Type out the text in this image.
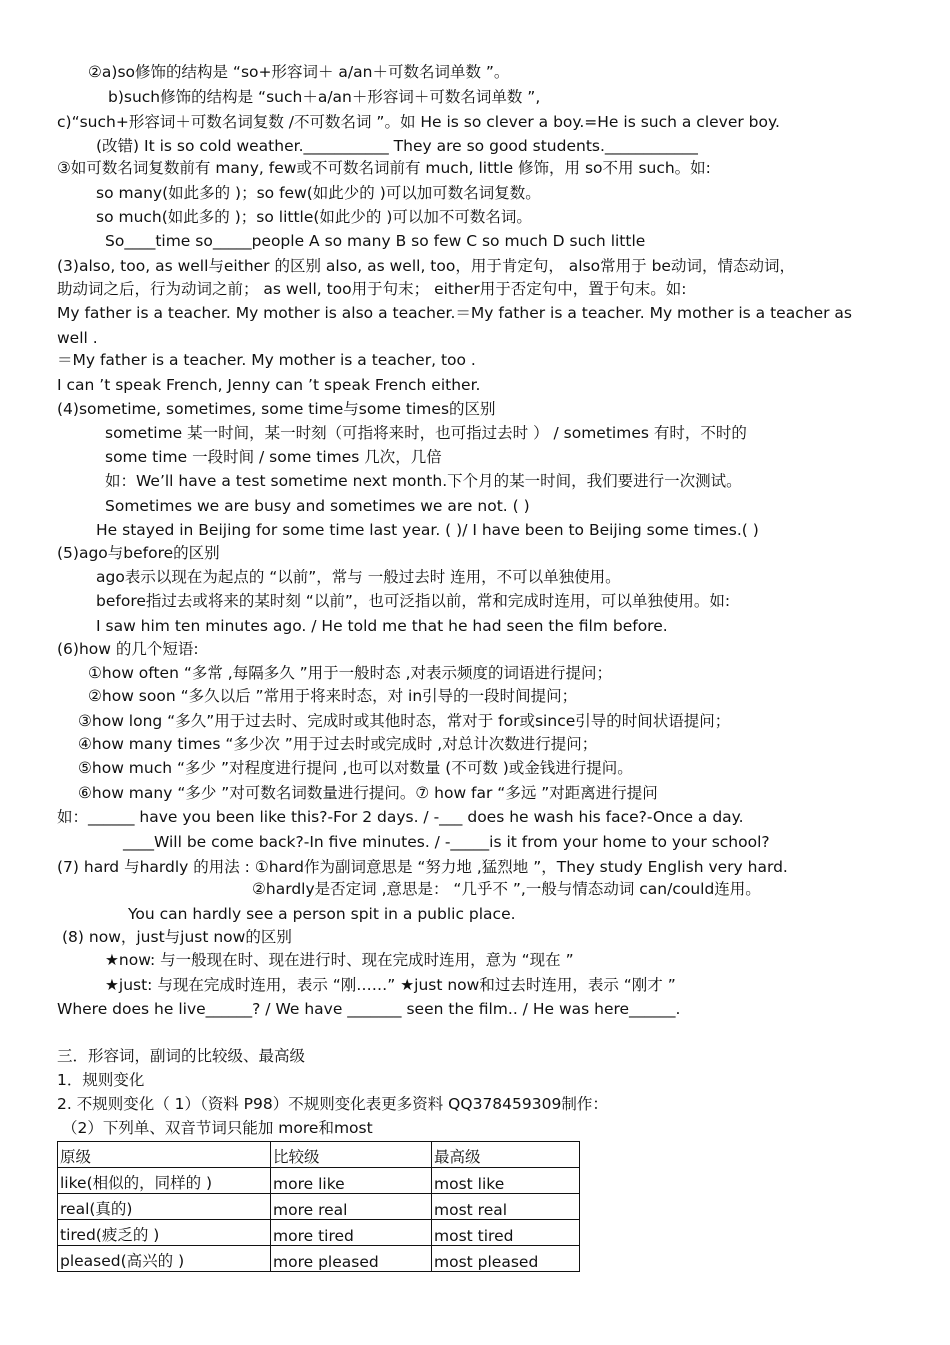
②a)so修饰的结构是 “so+形容词＋ a/an＋可数名词单数 ”。
b)such修饰的结构是 “such＋a/an＋形容词＋可数名词单数 ”,
c)“such+形容词＋可数名词复数 /不可数名词 ”。如 He is so clever a boy.=He is such a clever boy.
(改错) It is so cold weather.___________ They are so good students.____________
③如可数名词复数前有 many, few或不可数名词前有 much, little 修饰，用 so不用 such。如:
so many(如此多的 )；so few(如此少的 )可以加可数名词复数。
so much(如此多的 )；so little(如此少的 )可以加不可数名词。
So____time so_____people A so many B so few C so much D such little
(3)also, too, as well与either 的区别 also, as well, too，用于肯定句， also常用于 be动词，情态动词，
助动词之后，行为动词之前； as well, too用于句末； either用于否定句中，置于句末。如:
My father is a teacher. My mother is also a teacher.＝My father is a teacher. My mother is a teacher as
well .
＝My father is a teacher. My mother is a teacher, too .
I can ’t speak French, Jenny can ’t speak French either.
(4)sometime, sometimes, some time与some times的区别
sometime 某一时间，某一时刻（可指将来时，也可指过去时 ） / sometimes 有时，不时的
some time 一段时间 / some times 几次，几倍
如：We’ll have a test sometime next month.下个月的某一时间，我们要进行一次测试。
Sometimes we are busy and sometimes we are not. ( )
He stayed in Beijing for some time last year. ( )/ I have been to Beijing some times.( )
(5)ago与before的区别
ago表示以现在为起点的 “以前”，常与 一般过去时 连用，不可以单独使用。
before指过去或将来的某时刻 “以前”，也可泛指以前，常和完成时连用，可以单独使用。如:
I saw him ten minutes ago. / He told me that he had seen the film before.
(6)how 的几个短语:
①how often “多常 ,每隔多久 ”用于一般时态 ,对表示频度的词语进行提问；
②how soon “多久以后 ”常用于将来时态，对 in引导的一段时间提问；
③how long “多久”用于过去时、完成时或其他时态，常对于 for或since引导的时间状语提问；
④how many times “多少次 ”用于过去时或完成时 ,对总计次数进行提问；
⑤how much “多少 ”对程度进行提问 ,也可以对数量 (不可数 )或金钱进行提问。
⑥how many “多少 ”对可数名词数量进行提问。⑦ how far “多远 ”对距离进行提问
如：______ have you been like this?-For 2 days. / -___ does he wash his face?-Once a day.
____Will be come back?-In five minutes. / -_____is it from your home to your school?
(7) hard 与hardly 的用法 : ①hard作为副词意思是 “努力地 ,猛烈地 ”，They study English very hard.
②hardly是否定词 ,意思是： “几乎不 ”,一般与情态动词 can/could连用。
You can hardly see a person spit in a public place.
(8) now，just与just now的区别
★now: 与一般现在时、现在进行时、现在完成时连用，意为 “现在 ”
★just: 与现在完成时连用，表示 “刚……” ★just now和过去时连用，表示 “刚才 ”
Where does he live______? / We have _______ seen the film.. / He was here______.
三．形容词，副词的比较级、最高级
1．规则变化
2. 不规则变化（ 1）（资料 P98）不规则变化表更多资料 QQ378459309制作：
（2）下列单、双音节词只能加 more和most
原级	比较级	最高级
like(相似的，同样的 )	more like	most like
real(真的)	more real	most real
tired(疲乏的 )	more tired	most tired
pleased(高兴的 )	more pleased	most pleased
